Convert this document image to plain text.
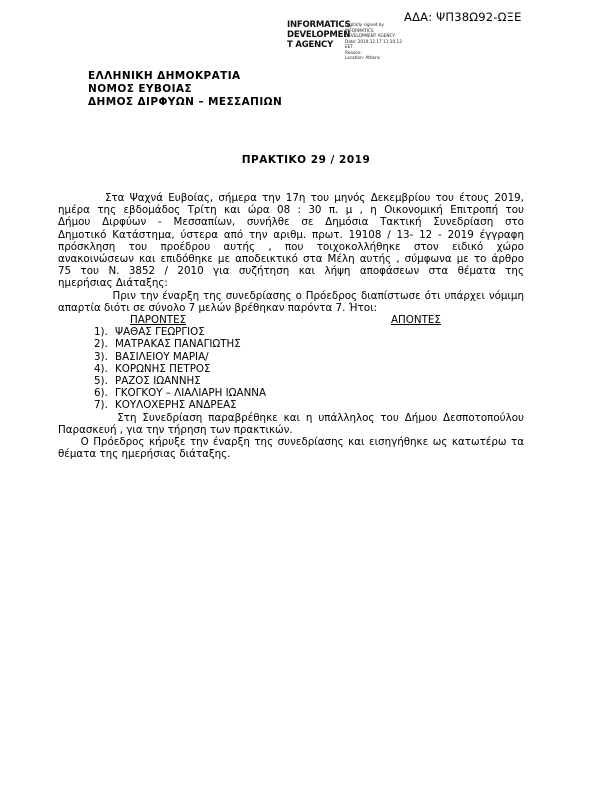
ΑΔΑ: ΨΠ38Ω92-ΩΞΕ
INFORMATICS
DEVELOPMEN
T AGENCY
Digitally signed by
INFORMATICS
DEVELOPMENT AGENCY
Date: 2019.12.17 11:10:12
EET
Reason:
Location: Athens
ΕΛΛΗΝΙΚΗ ΔΗΜΟΚΡΑΤΙΑ
ΝΟΜΟΣ ΕΥΒΟΙΑΣ
ΔΗΜΟΣ ΔΙΡΦΥΩΝ – ΜΕΣΣΑΠΙΩΝ
ΠΡΑΚΤΙΚΟ 29 / 2019
Στα Ψαχνά Ευβοίας, σήμερα την 17η του μηνός Δεκεμβρίου του έτους 2019,
ημέρα της εβδομάδος Τρίτη και ώρα 08 : 30 π. μ , η Οικονομική Επιτροπή του
Δήμου Διρφύων - Μεσσαπίων, συνήλθε σε Δημόσια Τακτική Συνεδρίαση στο
Δημοτικό Κατάστημα, ύστερα από την αριθμ. πρωτ. 19108 / 13- 12 - 2019 έγγραφη
πρόσκληση του προέδρου αυτής , που τοιχοκολλήθηκε στον ειδικό χώρο
ανακοινώσεων και επιδόθηκε με αποδεικτικό στα Μέλη αυτής , σύμφωνα με το άρθρο
75 του Ν. 3852 / 2010 για συζήτηση και λήψη αποφάσεων στα θέματα της
ημερήσιας Διάταξης:
Πριν την έναρξη της συνεδρίασης ο Πρόεδρος διαπίστωσε ότι υπάρχει νόμιμη
απαρτία διότι σε σύνολο 7 μελών βρέθηκαν παρόντα 7. Ήτοι:
ΠΑΡΟΝΤΕΣ	ΑΠΟΝΤΕΣ
1). ΨΑΘΑΣ ΓΕΩΡΓΙΟΣ
2). ΜΑΤΡΑΚΑΣ ΠΑΝΑΓΙΩΤΗΣ
3). ΒΑΣΙΛΕΙΟΥ ΜΑΡΙΑ/
4). ΚΟΡΩΝΗΣ ΠΕΤΡΟΣ
5). ΡΑΖΟΣ ΙΩΑΝΝΗΣ
6). ΓΚΟΓΚΟΥ – ΛΙΑΛΙΑΡΗ ΙΩΑΝΝΑ
7). ΚΟΥΛΟΧΕΡΗΣ ΑΝΔΡΕΑΣ
Στη Συνεδρίαση παραβρέθηκε και η υπάλληλος του Δήμου Δεσποτοπούλου
Παρασκευή , για την τήρηση των πρακτικών.
Ο Πρόεδρος κήρυξε την έναρξη της συνεδρίασης και εισηγήθηκε ως κατωτέρω τα
θέματα της ημερήσιας διάταξης.
